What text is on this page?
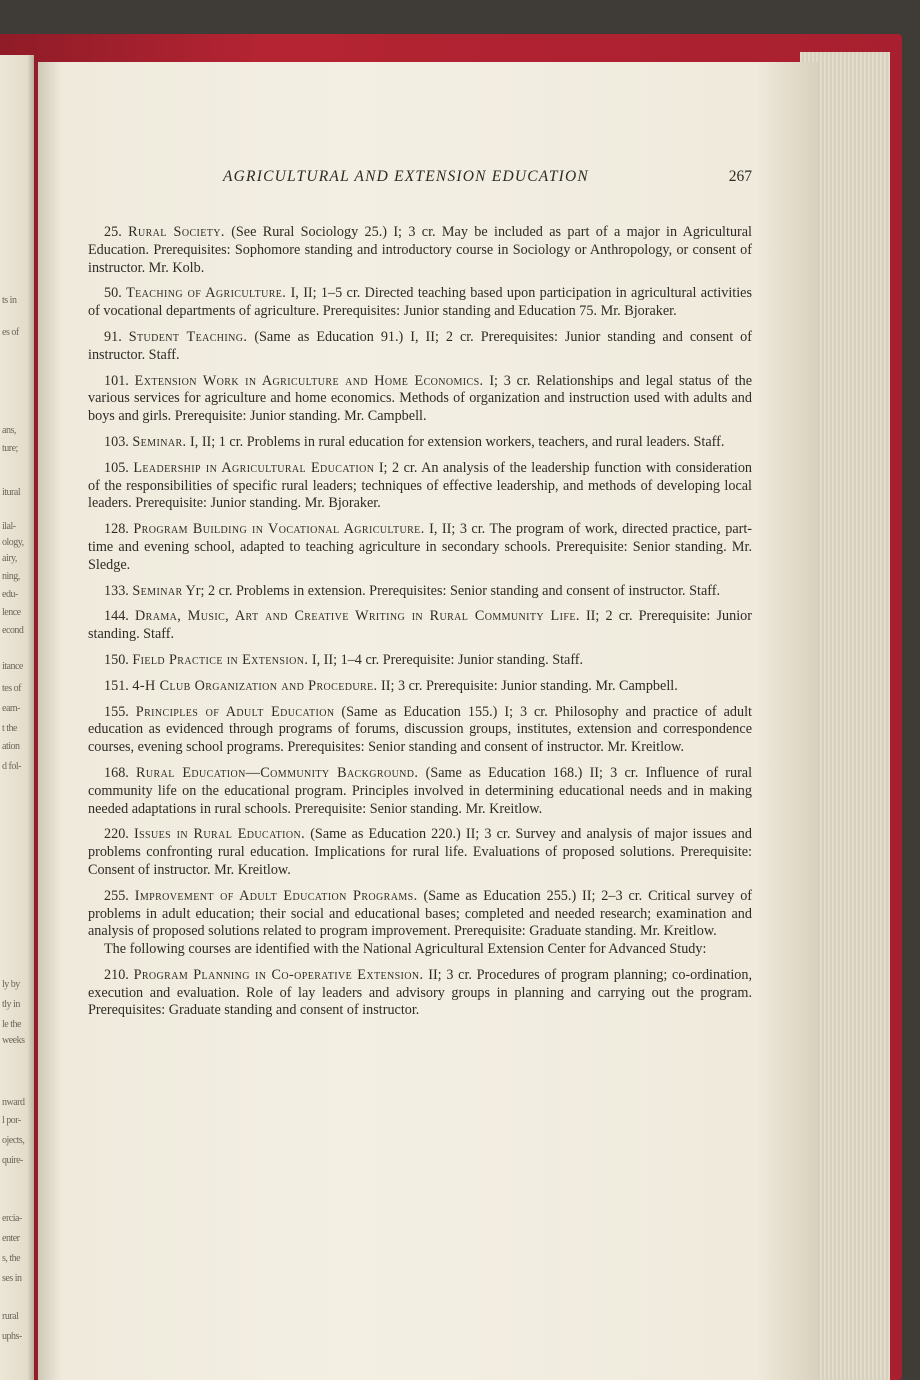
ts in
es of
ans,
ture;
itural
ilal-
ology,
airy,
ning,
edu-
lence
econd
itance
tes of
eam-
t the
ation
d fol-
ly by
tly in
le the
weeks
nward
l por-
ojects,
quire-
ercia-
enter
s, the
ses in
rural
uphs-
AGRICULTURAL AND EXTENSION EDUCATION	267

25. Rural Society. (See Rural Sociology 25.) I; 3 cr. May be included as part of a major in Agricultural Education. Prerequisites: Sophomore standing and introductory course in Sociology or Anthropology, or consent of instructor. Mr. Kolb.

50. Teaching of Agriculture. I, II; 1–5 cr. Directed teaching based upon participation in agricultural activities of vocational departments of agriculture. Prerequisites: Junior standing and Education 75. Mr. Bjoraker.

91. Student Teaching. (Same as Education 91.) I, II; 2 cr. Prerequisites: Junior standing and consent of instructor. Staff.

101. Extension Work in Agriculture and Home Economics. I; 3 cr. Relationships and legal status of the various services for agriculture and home economics. Methods of organization and instruction used with adults and boys and girls. Prerequisite: Junior standing. Mr. Campbell.

103. Seminar. I, II; 1 cr. Problems in rural education for extension workers, teachers, and rural leaders. Staff.

105. Leadership in Agricultural Education I; 2 cr. An analysis of the leadership function with consideration of the responsibilities of specific rural leaders; techniques of effective leadership, and methods of developing local leaders. Prerequisite: Junior standing. Mr. Bjoraker.

128. Program Building in Vocational Agriculture. I, II; 3 cr. The program of work, directed practice, part-time and evening school, adapted to teaching agriculture in secondary schools. Prerequisite: Senior standing. Mr. Sledge.

133. Seminar Yr; 2 cr. Problems in extension. Prerequisites: Senior standing and consent of instructor. Staff.

144. Drama, Music, Art and Creative Writing in Rural Community Life. II; 2 cr. Prerequisite: Junior standing. Staff.

150. Field Practice in Extension. I, II; 1–4 cr. Prerequisite: Junior standing. Staff.

151. 4-H Club Organization and Procedure. II; 3 cr. Prerequisite: Junior standing. Mr. Campbell.

155. Principles of Adult Education (Same as Education 155.) I; 3 cr. Philosophy and practice of adult education as evidenced through programs of forums, discussion groups, institutes, extension and correspondence courses, evening school programs. Prerequisites: Senior standing and consent of instructor. Mr. Kreitlow.

168. Rural Education—Community Background. (Same as Education 168.) II; 3 cr. Influence of rural community life on the educational program. Principles involved in determining educational needs and in making needed adaptations in rural schools. Prerequisite: Senior standing. Mr. Kreitlow.

220. Issues in Rural Education. (Same as Education 220.) II; 3 cr. Survey and analysis of major issues and problems confronting rural education. Implications for rural life. Evaluations of proposed solutions. Prerequisite: Consent of instructor. Mr. Kreitlow.

255. Improvement of Adult Education Programs. (Same as Education 255.) II; 2–3 cr. Critical survey of problems in adult education; their social and educational bases; completed and needed research; examination and analysis of proposed solutions related to program improvement. Prerequisite: Graduate standing. Mr. Kreitlow.

The following courses are identified with the National Agricultural Extension Center for Advanced Study:

210. Program Planning in Co-operative Extension. II; 3 cr. Procedures of program planning; co-ordination, execution and evaluation. Role of lay leaders and advisory groups in planning and carrying out the program. Prerequisites: Graduate standing and consent of instructor.
